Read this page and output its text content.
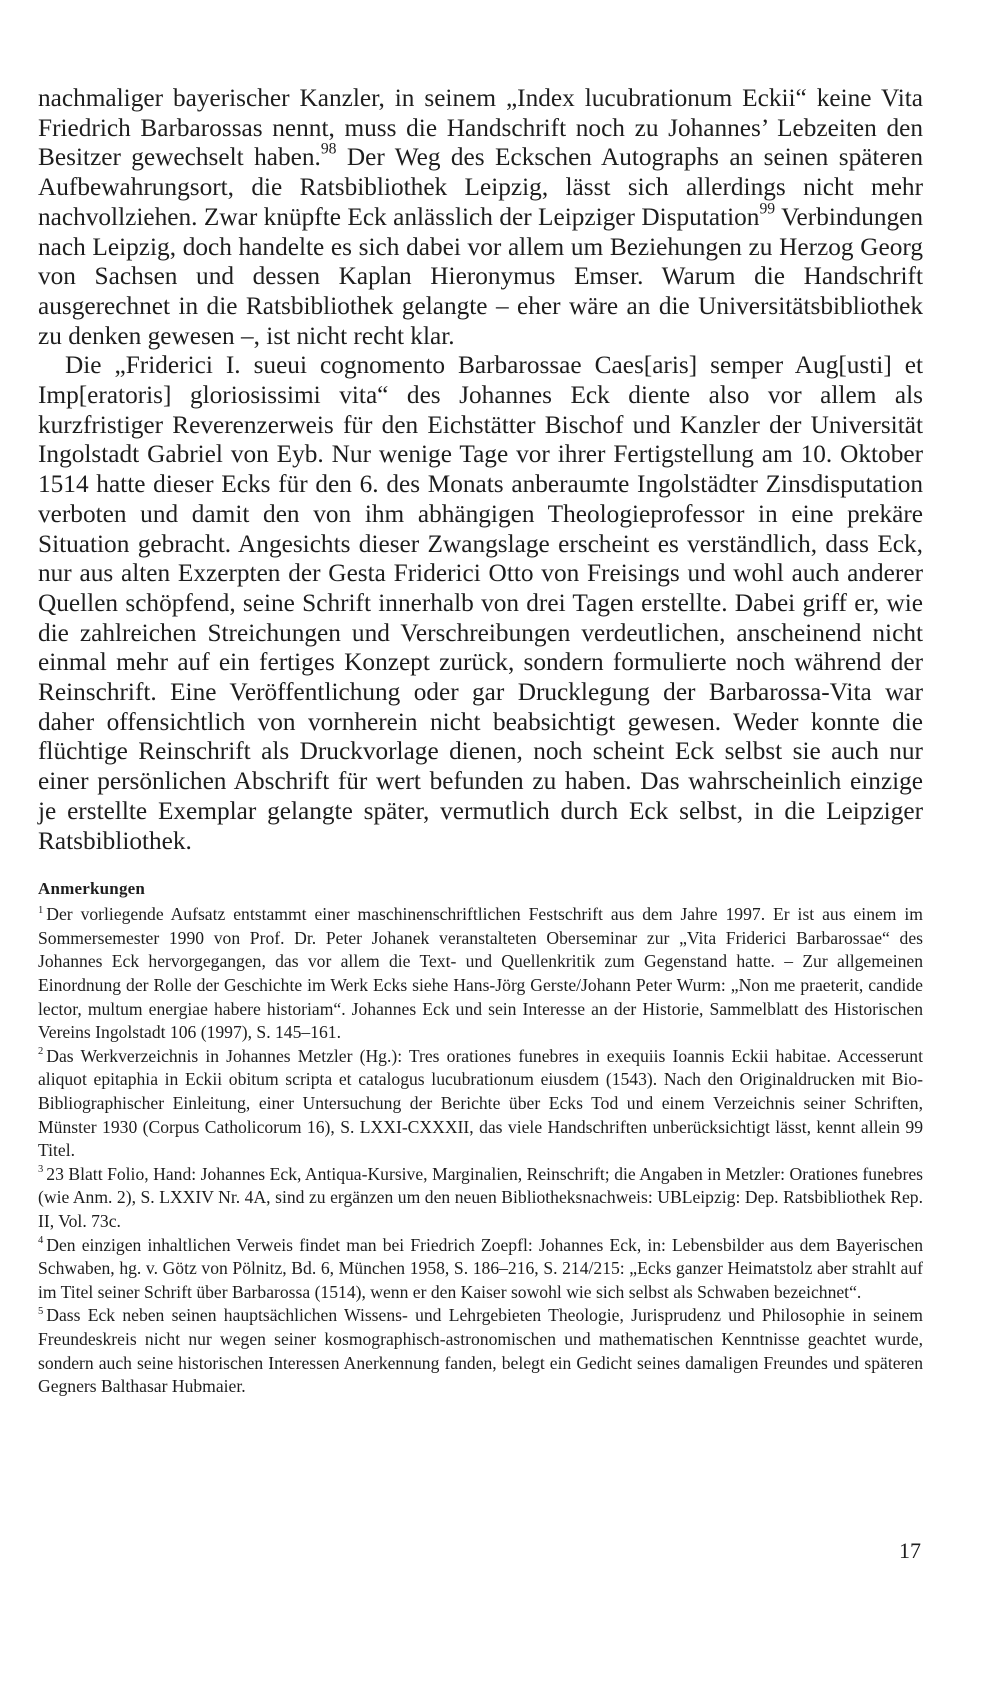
nachmaliger bayerischer Kanzler, in seinem „Index lucubrationum Eckii“ keine Vita Friedrich Barbarossas nennt, muss die Handschrift noch zu Johannes’ Lebzeiten den Besitzer gewechselt haben.$^{98}$ Der Weg des Eckschen Autographs an seinen späteren Aufbewahrungsort, die Ratsbibliothek Leipzig, lässt sich allerdings nicht mehr nachvollziehen. Zwar knüpfte Eck anlässlich der Leipziger Disputation$^{99}$ Verbindungen nach Leipzig, doch handelte es sich dabei vor allem um Beziehungen zu Herzog Georg von Sachsen und dessen Kaplan Hieronymus Emser. Warum die Handschrift ausgerechnet in die Ratsbibliothek gelangte – eher wäre an die Universitätsbibliothek zu denken gewesen –, ist nicht recht klar.

Die „Friderici I. sueui cognomento Barbarossae Caes[aris] semper Aug[usti] et Imp[eratoris] gloriosissimi vita“ des Johannes Eck diente also vor allem als kurzfristiger Reverenzerweis für den Eichstätter Bischof und Kanzler der Universität Ingolstadt Gabriel von Eyb. Nur wenige Tage vor ihrer Fertigstellung am 10. Oktober 1514 hatte dieser Ecks für den 6. des Monats anberaumte Ingolstädter Zinsdisputation verboten und damit den von ihm abhängigen Theologieprofessor in eine prekäre Situation gebracht. Angesichts dieser Zwangslage erscheint es verständlich, dass Eck, nur aus alten Exzerpten der Gesta Friderici Otto von Freisings und wohl auch anderer Quellen schöpfend, seine Schrift innerhalb von drei Tagen erstellte. Dabei griff er, wie die zahlreichen Streichungen und Verschreibungen verdeutlichen, anscheinend nicht einmal mehr auf ein fertiges Konzept zurück, sondern formulierte noch während der Reinschrift. Eine Veröffentlichung oder gar Drucklegung der Barbarossa-Vita war daher offensichtlich von vornherein nicht beabsichtigt gewesen. Weder konnte die flüchtige Reinschrift als Druckvorlage dienen, noch scheint Eck selbst sie auch nur einer persönlichen Abschrift für wert befunden zu haben. Das wahrscheinlich einzige je erstellte Exemplar gelangte später, vermutlich durch Eck selbst, in die Leipziger Ratsbibliothek.

Anmerkungen

$^1$ Der vorliegende Aufsatz entstammt einer maschinenschriftlichen Festschrift aus dem Jahre 1997. Er ist aus einem im Sommersemester 1990 von Prof. Dr. Peter Johanek veranstalteten Oberseminar zur „Vita Friderici Barbarossae“ des Johannes Eck hervorgegangen, das vor allem die Text- und Quellenkritik zum Gegenstand hatte. – Zur allgemeinen Einordnung der Rolle der Geschichte im Werk Ecks siehe Hans-Jörg Gerste/Johann Peter Wurm: „Non me praeterit, candide lector, multum energiae habere historiam“. Johannes Eck und sein Interesse an der Historie, Sammelblatt des Historischen Vereins Ingolstadt 106 (1997), S. 145–161.

$^2$ Das Werkverzeichnis in Johannes Metzler (Hg.): Tres orationes funebres in exequiis Ioannis Eckii habitae. Accesserunt aliquot epitaphia in Eckii obitum scripta et catalogus lucubrationum eiusdem (1543). Nach den Originaldrucken mit Bio-Bibliographischer Einleitung, einer Untersuchung der Berichte über Ecks Tod und einem Verzeichnis seiner Schriften, Münster 1930 (Corpus Catholicorum 16), S. LXXI-CXXXII, das viele Handschriften unberücksichtigt lässt, kennt allein 99 Titel.

$^3$ 23 Blatt Folio, Hand: Johannes Eck, Antiqua-Kursive, Marginalien, Reinschrift; die Angaben in Metzler: Orationes funebres (wie Anm. 2), S. LXXIV Nr. 4A, sind zu ergänzen um den neuen Bibliotheksnachweis: UBLeipzig: Dep. Ratsbibliothek Rep. II, Vol. 73c.

$^4$ Den einzigen inhaltlichen Verweis findet man bei Friedrich Zoepfl: Johannes Eck, in: Lebensbilder aus dem Bayerischen Schwaben, hg. v. Götz von Pölnitz, Bd. 6, München 1958, S. 186–216, S. 214/215: „Ecks ganzer Heimatstolz aber strahlt auf im Titel seiner Schrift über Barbarossa (1514), wenn er den Kaiser sowohl wie sich selbst als Schwaben bezeichnet“.

$^5$ Dass Eck neben seinen hauptsächlichen Wissens- und Lehrgebieten Theologie, Jurisprudenz und Philosophie in seinem Freundeskreis nicht nur wegen seiner kosmographisch-astronomischen und mathematischen Kenntnisse geachtet wurde, sondern auch seine historischen Interessen Anerkennung fanden, belegt ein Gedicht seines damaligen Freundes und späteren Gegners Balthasar Hubmaier.

17
